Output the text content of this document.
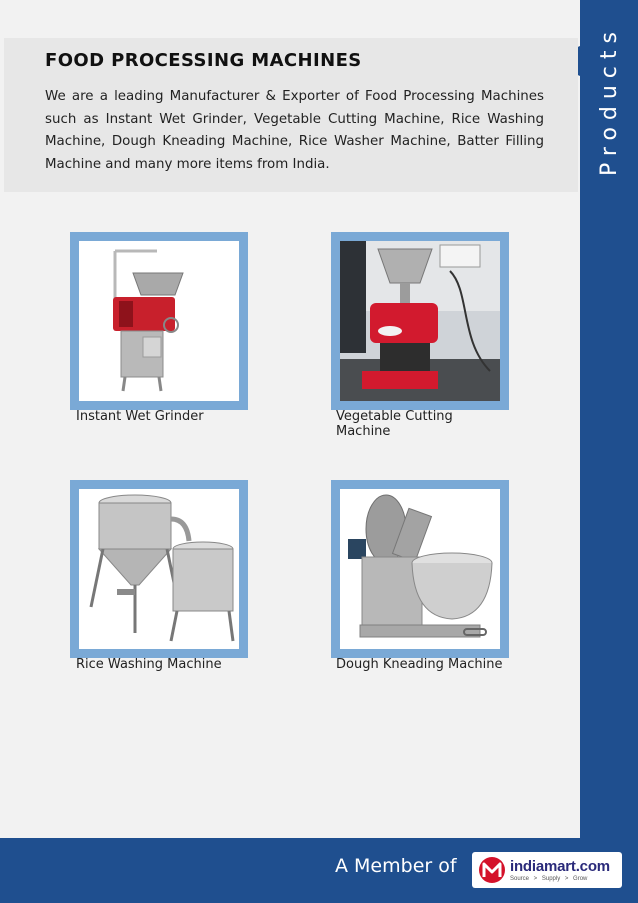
Products
FOOD PROCESSING MACHINES

We are a leading Manufacturer & Exporter of Food Processing Machines such as Instant Wet Grinder, Vegetable Cutting Machine, Rice Washing Machine, Dough Kneading Machine, Rice Washer Machine, Batter Filling Machine and many more items from India.

Instant Wet Grinder	Vegetable Cutting Machine
Rice Washing Machine	Dough Kneading Machine
A Member of	indiamart.com
Source > Supply > Grow
